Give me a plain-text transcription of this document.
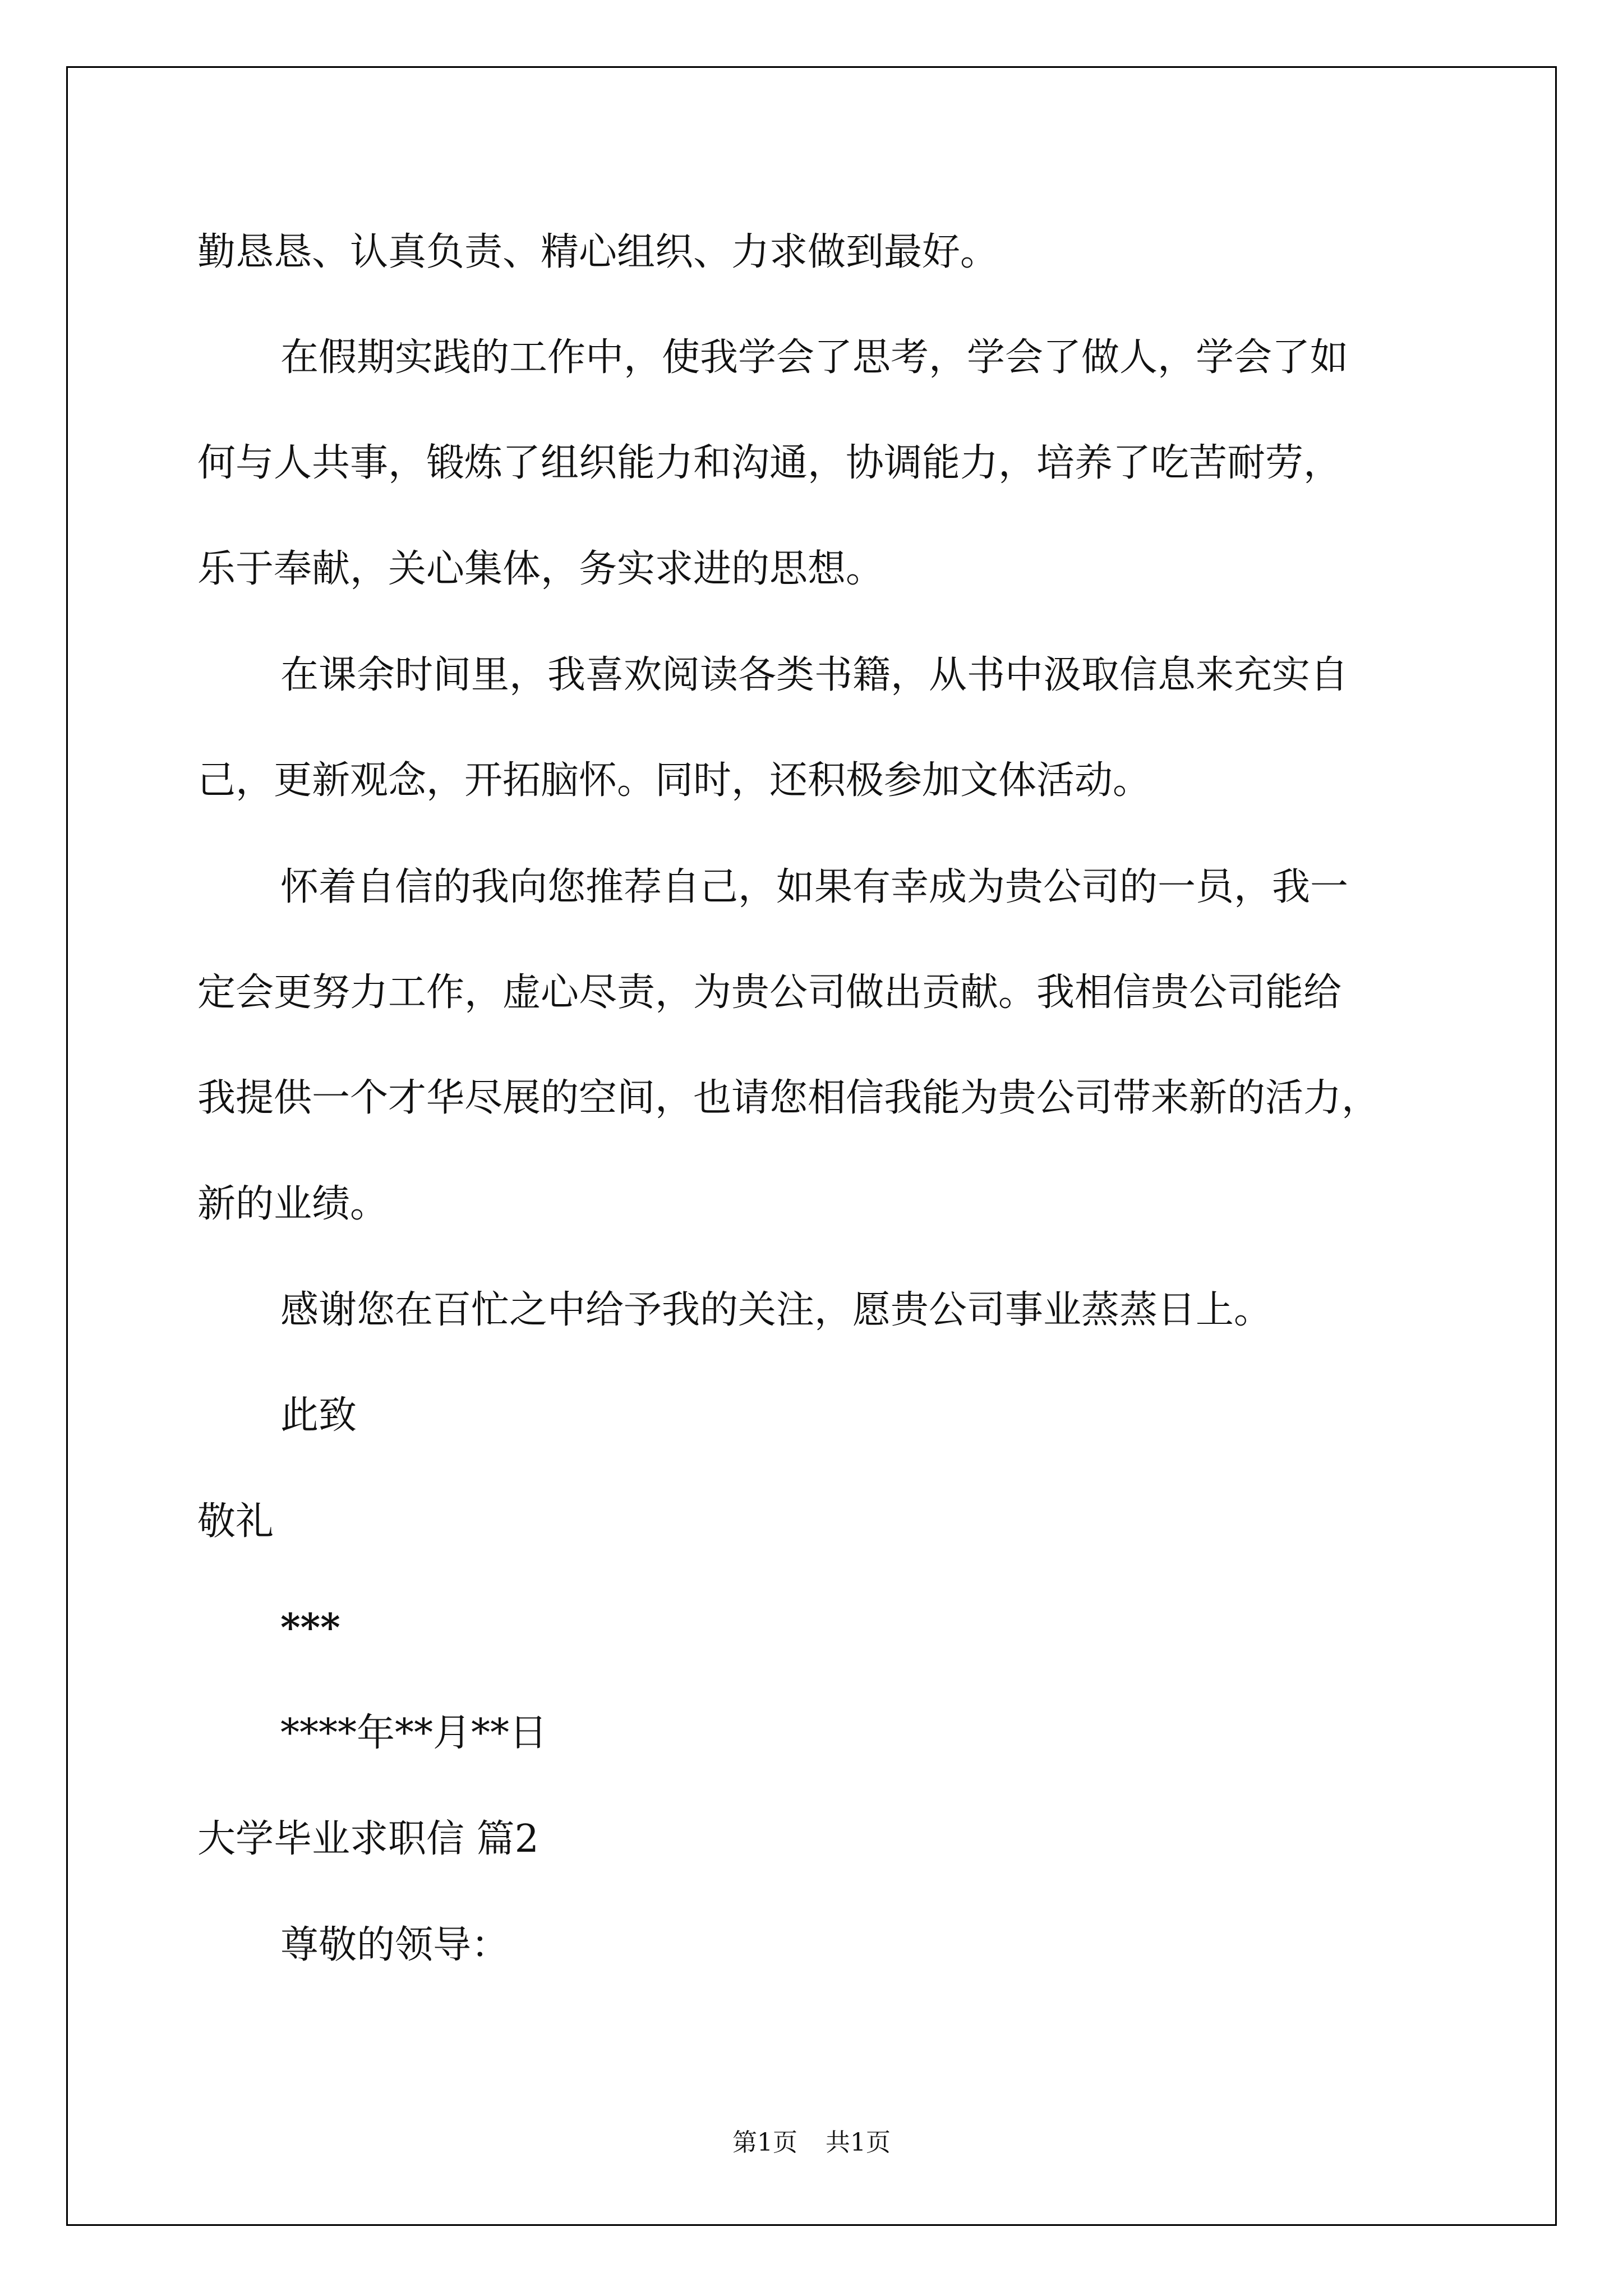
勤恳恳、认真负责、精心组织、力求做到最好。
在假期实践的工作中，使我学会了思考，学会了做人，学会了如
何与人共事，锻炼了组织能力和沟通，协调能力，培养了吃苦耐劳，
乐于奉献，关心集体，务实求进的思想。
在课余时间里，我喜欢阅读各类书籍，从书中汲取信息来充实自
己，更新观念，开拓脑怀。同时，还积极参加文体活动。
怀着自信的我向您推荐自己，如果有幸成为贵公司的一员，我一
定会更努力工作，虚心尽责，为贵公司做出贡献。我相信贵公司能给
我提供一个才华尽展的空间，也请您相信我能为贵公司带来新的活力，
新的业绩。
感谢您在百忙之中给予我的关注，愿贵公司事业蒸蒸日上。
此致
敬礼
***
****年**月**日
大学毕业求职信 篇2
尊敬的领导：
第1页 共1页
